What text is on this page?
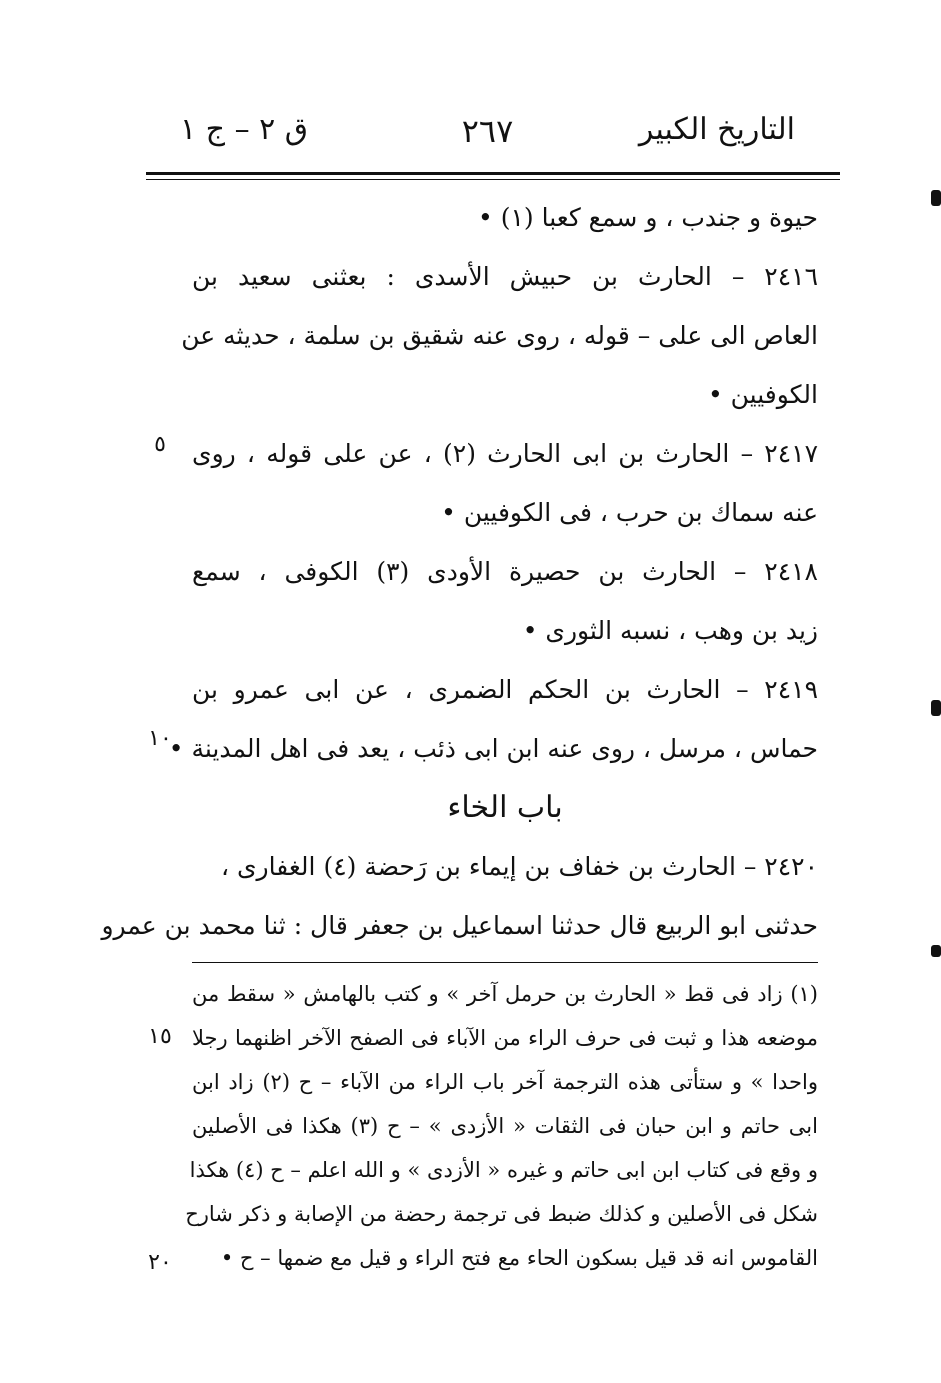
التاريخ الكبير
٢٦٧
ق ٢ – ج ١
حيوة و جندب ، و سمع كعبا (١) •
٢٤١٦ – الحارث بن حبيش الأسدى : بعثنى سعيد بن
العاص الى على – قوله ، روى عنه شقيق بن سلمة ، حديثه عن
الكوفيين •
٢٤١٧ – الحارث بن ابى الحارث (٢) ، عن على قوله ، روى
عنه سماك بن حرب ، فى الكوفيين •
٢٤١٨ – الحارث بن حصيرة الأودى (٣) الكوفى ، سمع
زيد بن وهب ، نسبه الثورى •
٢٤١٩ – الحارث بن الحكم الضمرى ، عن ابى عمرو بن
حماس ، مرسل ، روى عنه ابن ابى ذئب ، يعد فى اهل المدينة •
باب الخاء
٢٤٢٠ – الحارث بن خفاف بن إيماء بن رَحضة (٤) الغفارى ،
حدثنى ابو الربيع قال حدثنا اسماعيل بن جعفر قال : ثنا محمد بن عمرو
(١) زاد فى قط « الحارث بن حرمل آخر » و كتب بالهامش « سقط من
موضعه هذا و ثبت فى حرف الراء من الآباء فى الصفح الآخر اظنهما رجلا
واحدا » و ستأتى هذه الترجمة آخر باب الراء من الآباء – ح (٢) زاد ابن
ابى حاتم و ابن حبان فى الثقات « الأزدى » – ح (٣) هكذا فى الأصلين
و وقع فى كتاب ابن ابى حاتم و غيره « الأزدى » و الله اعلم – ح (٤) هكذا
شكل فى الأصلين و كذلك ضبط فى ترجمة رحضة من الإصابة و ذكر شارح
القاموس انه قد قيل بسكون الحاء مع فتح الراء و قيل مع ضمها – ح •
٥
١٠
١٥
٢٠
